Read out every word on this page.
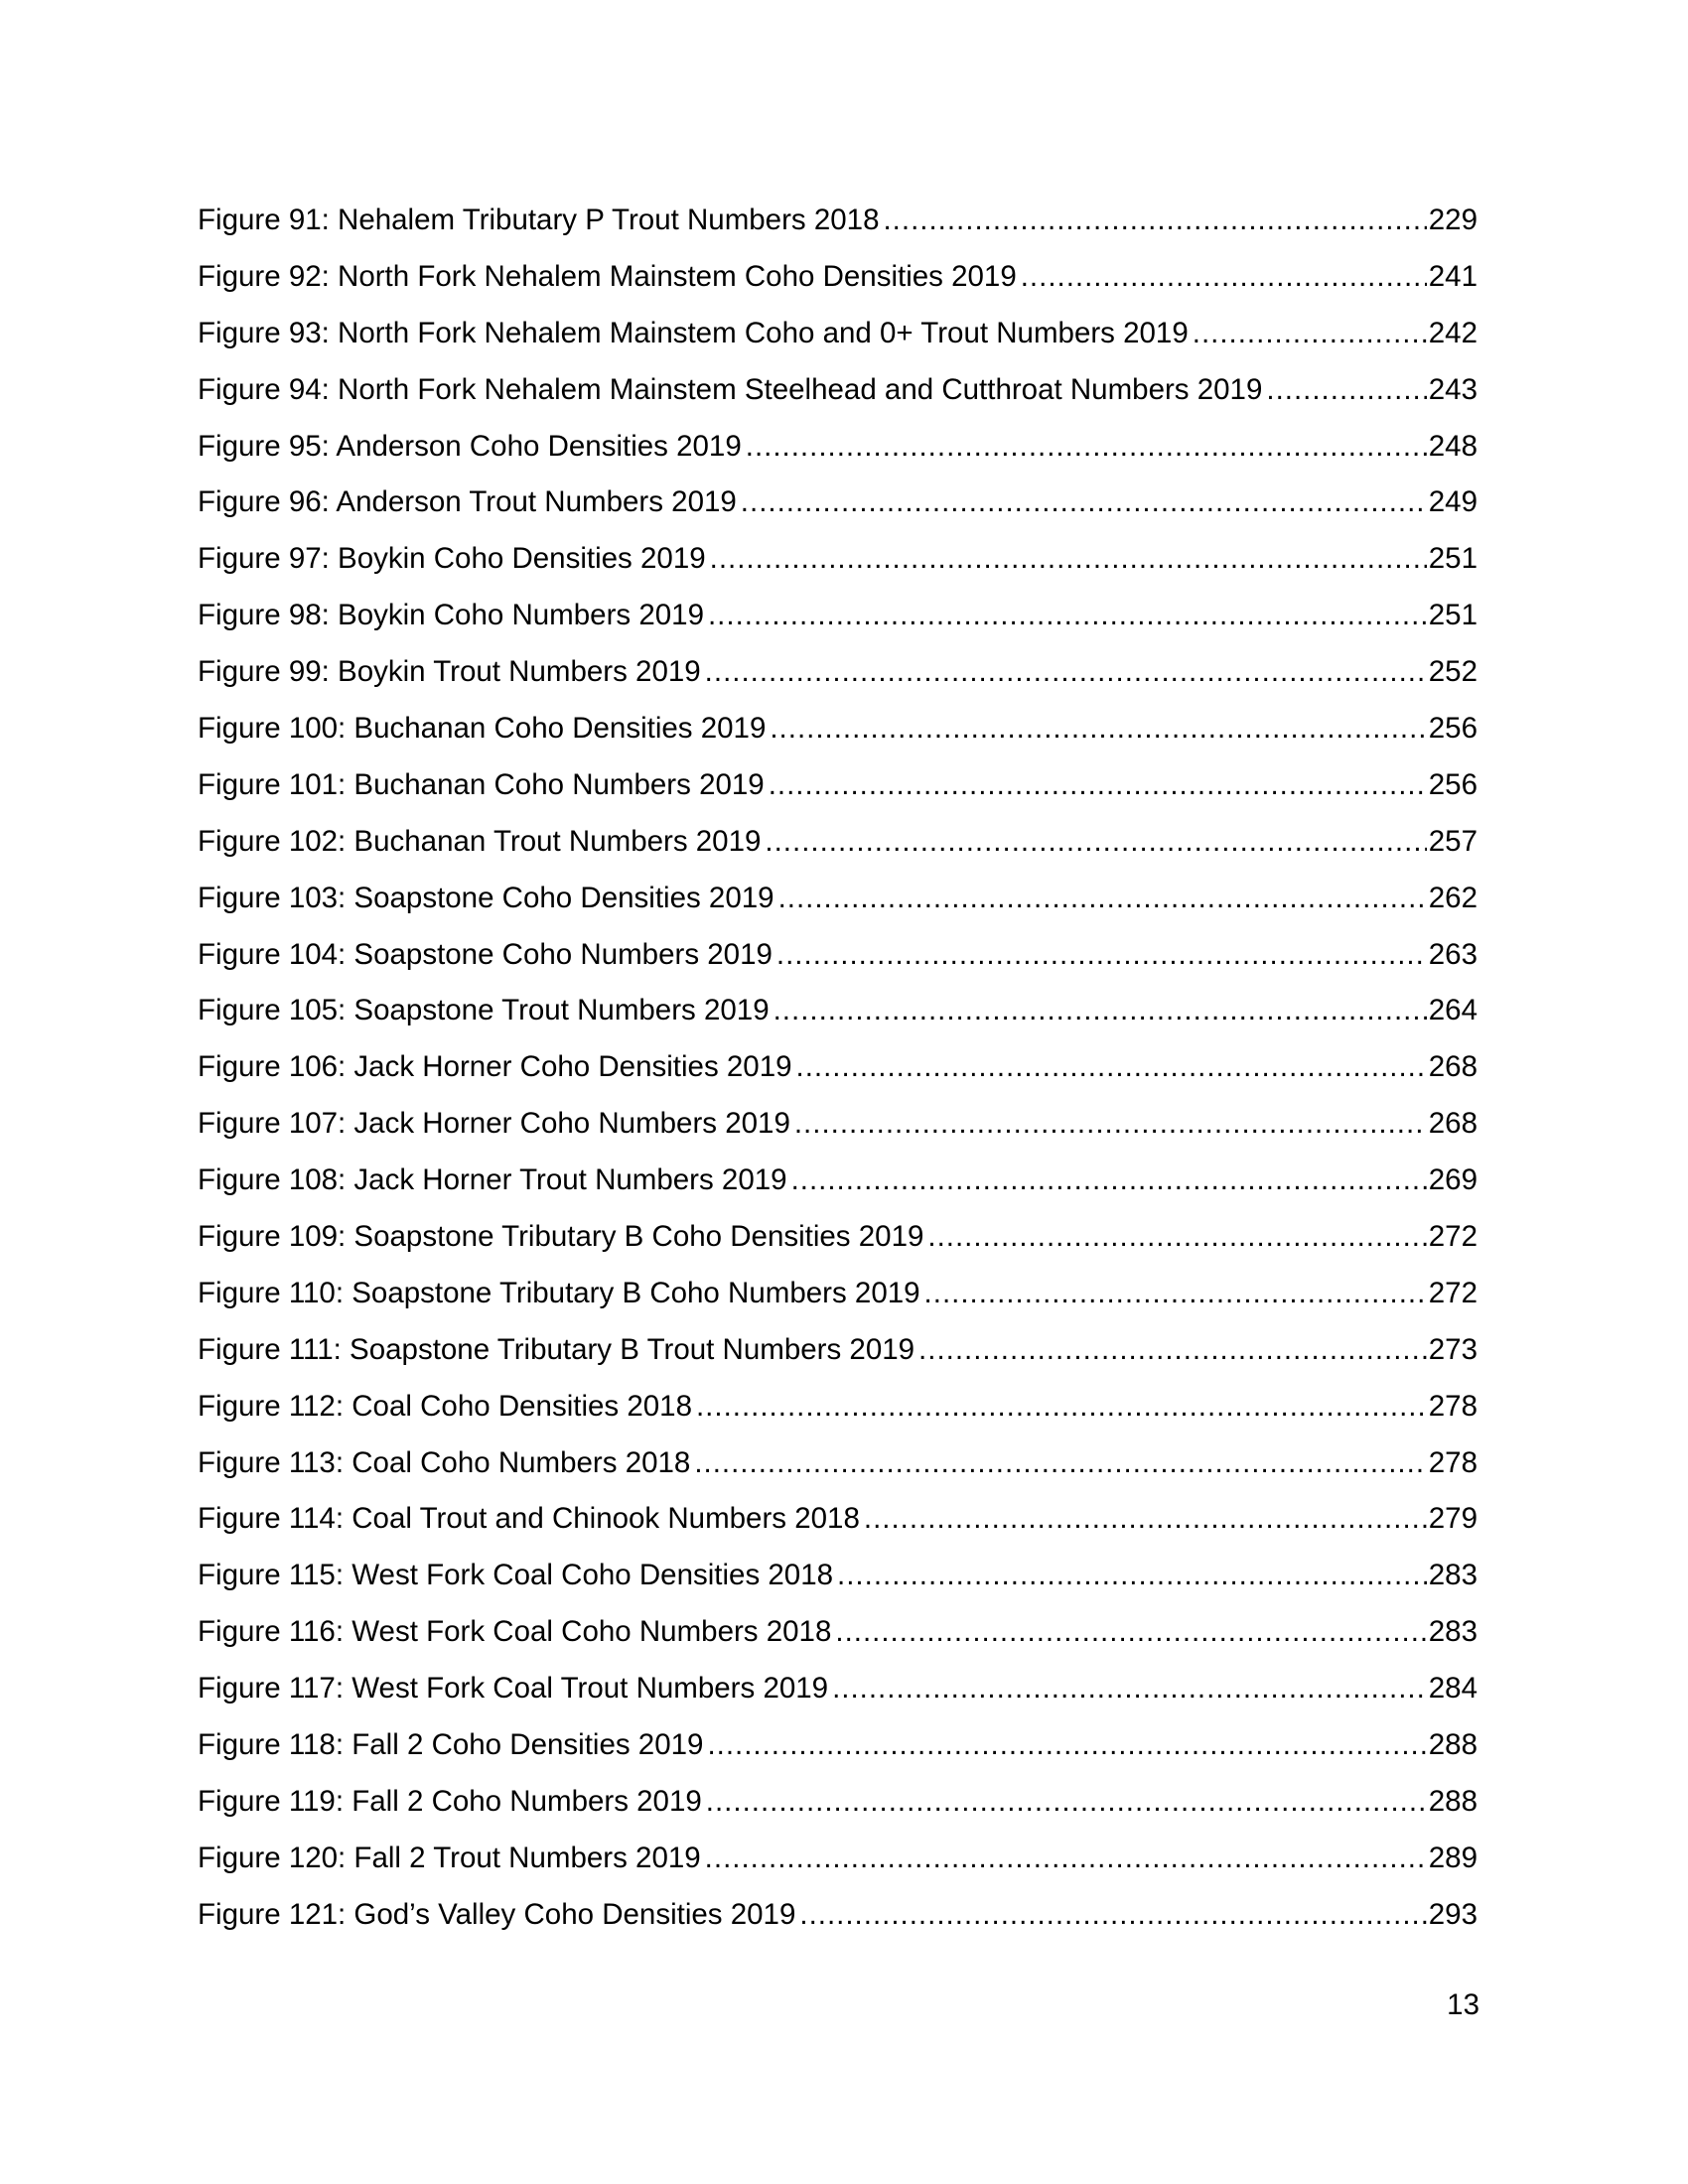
Figure 91: Nehalem Tributary P Trout Numbers 2018 .....	229
Figure 92: North Fork Nehalem Mainstem Coho Densities 2019 .....	241
Figure 93: North Fork Nehalem Mainstem Coho and 0+ Trout Numbers 2019 .....	242
Figure 94: North Fork Nehalem Mainstem Steelhead and Cutthroat Numbers 2019 .....	243
Figure 95: Anderson Coho Densities 2019 .....	248
Figure 96: Anderson Trout Numbers 2019 .....	249
Figure 97: Boykin Coho Densities 2019 .....	251
Figure 98: Boykin Coho Numbers 2019 .....	251
Figure 99: Boykin Trout Numbers 2019 .....	252
Figure 100: Buchanan Coho Densities 2019 .....	256
Figure 101: Buchanan Coho Numbers 2019 .....	256
Figure 102: Buchanan Trout Numbers 2019 .....	257
Figure 103: Soapstone Coho Densities 2019 .....	262
Figure 104: Soapstone Coho Numbers 2019 .....	263
Figure 105: Soapstone Trout Numbers 2019 .....	264
Figure 106: Jack Horner Coho Densities 2019 .....	268
Figure 107: Jack Horner Coho Numbers 2019 .....	268
Figure 108: Jack Horner Trout Numbers 2019 .....	269
Figure 109: Soapstone Tributary B Coho Densities 2019 .....	272
Figure 110: Soapstone Tributary B Coho Numbers 2019 .....	272
Figure 111: Soapstone Tributary B Trout Numbers 2019 .....	273
Figure 112: Coal Coho Densities 2018 .....	278
Figure 113: Coal Coho Numbers 2018 .....	278
Figure 114: Coal Trout and Chinook Numbers 2018 .....	279
Figure 115: West Fork Coal Coho Densities 2018 .....	283
Figure 116: West Fork Coal Coho Numbers 2018 .....	283
Figure 117: West Fork Coal Trout Numbers 2019 .....	284
Figure 118: Fall 2 Coho Densities 2019 .....	288
Figure 119: Fall 2 Coho Numbers 2019 .....	288
Figure 120: Fall 2 Trout Numbers 2019 .....	289
Figure 121: God’s Valley Coho Densities 2019 .....	293
13
